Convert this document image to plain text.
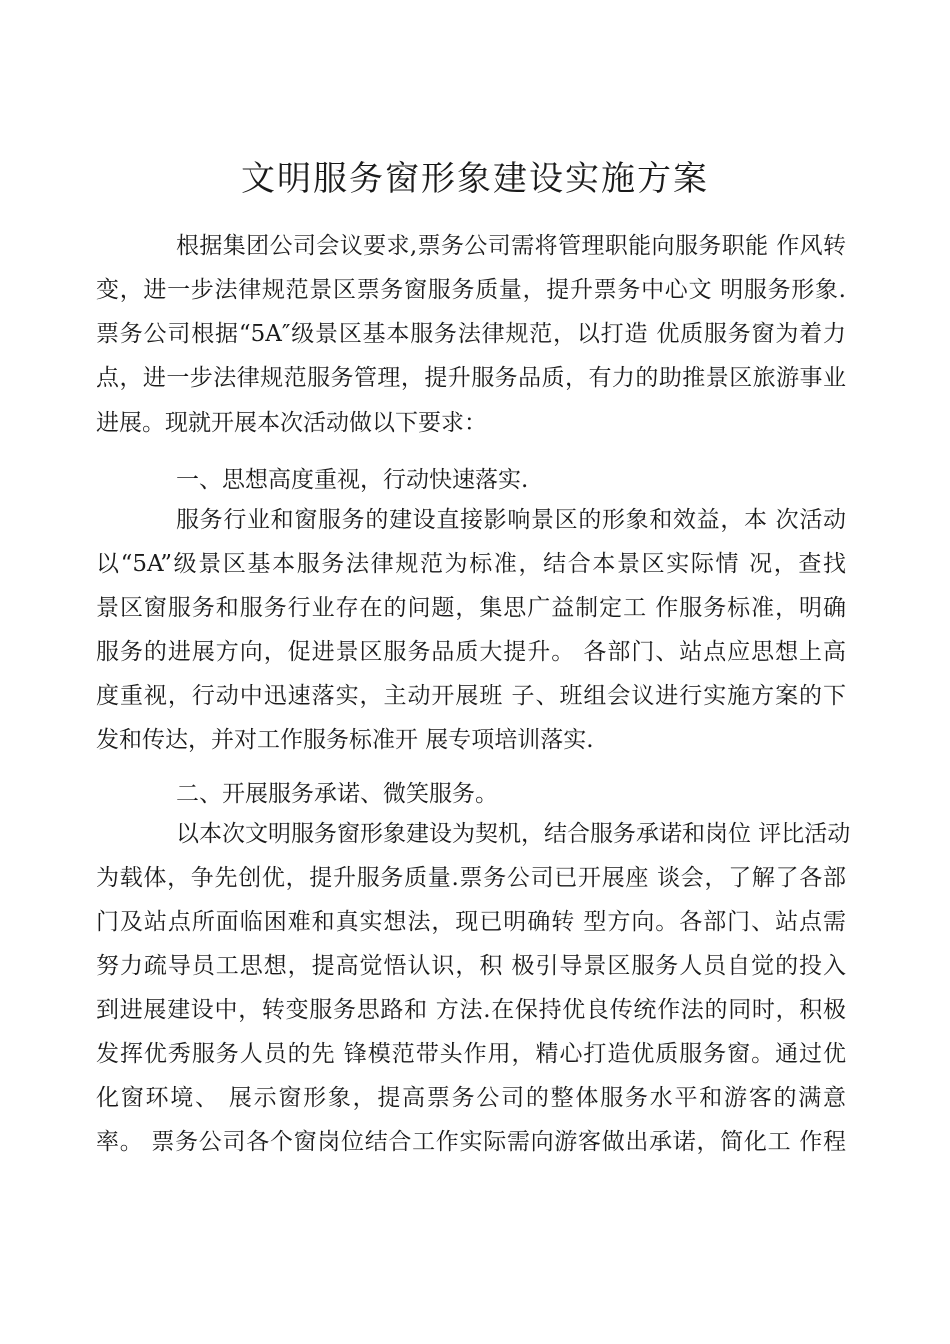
文明服务窗形象建设实施方案
根据集团公司会议要求,票务公司需将管理职能向服务职能 作风转
变，进一步法律规范景区票务窗服务质量，提升票务中心文 明服务形象.
票务公司根据“5A″级景区基本服务法律规范，以打造 优质服务窗为着力
点，进一步法律规范服务管理，提升服务品质，有力的助推景区旅游事业
进展。现就开展本次活动做以下要求：
一、思想高度重视，行动快速落实.
服务行业和窗服务的建设直接影响景区的形象和效益，本 次活动
以“5A”级景区基本服务法律规范为标准，结合本景区实际情 况，查找
景区窗服务和服务行业存在的问题，集思广益制定工 作服务标准，明确
服务的进展方向，促进景区服务品质大提升。 各部门、站点应思想上高
度重视，行动中迅速落实，主动开展班 子、班组会议进行实施方案的下
发和传达，并对工作服务标准开 展专项培训落实.
二、开展服务承诺、微笑服务。
以本次文明服务窗形象建设为契机，结合服务承诺和岗位 评比活动
为载体，争先创优，提升服务质量.票务公司已开展座 谈会，了解了各部
门及站点所面临困难和真实想法，现已明确转 型方向。各部门、站点需
努力疏导员工思想，提高觉悟认识，积 极引导景区服务人员自觉的投入
到进展建设中，转变服务思路和 方法.在保持优良传统作法的同时，积极
发挥优秀服务人员的先 锋模范带头作用，精心打造优质服务窗。通过优
化窗环境、 展示窗形象，提高票务公司的整体服务水平和游客的满意
率。 票务公司各个窗岗位结合工作实际需向游客做出承诺，简化工 作程
